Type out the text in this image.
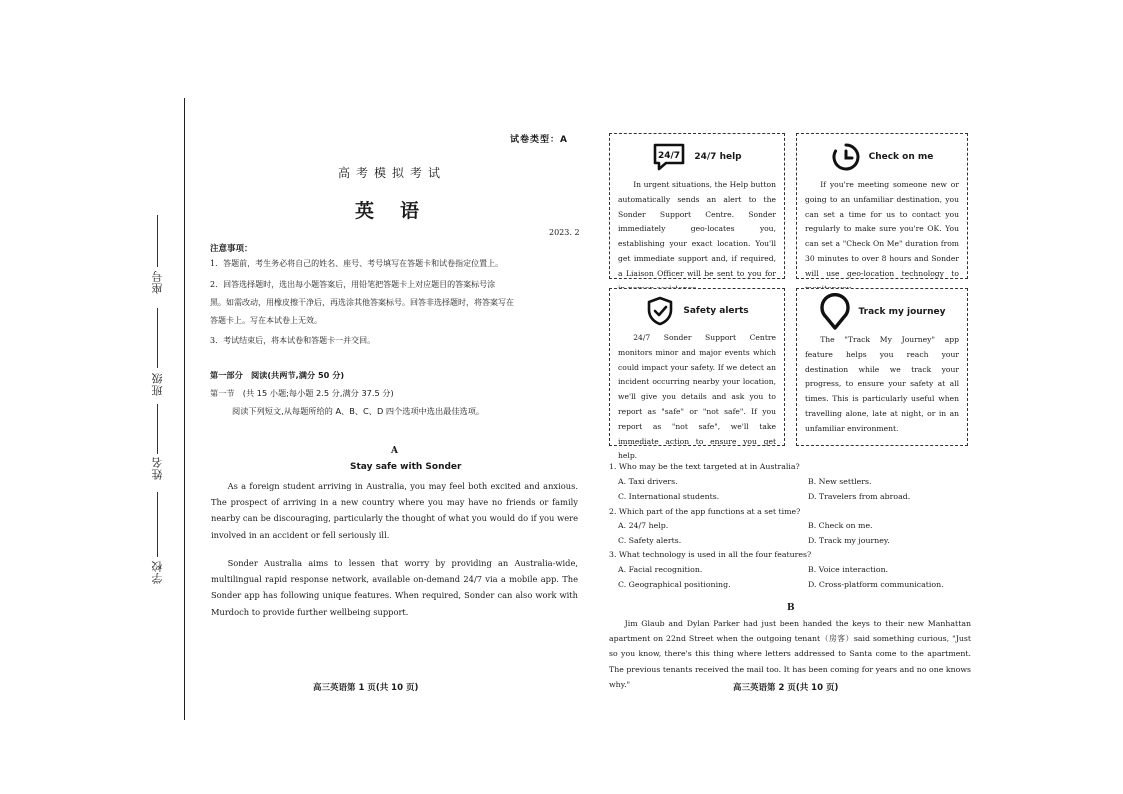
座号
班级
姓名
学校
试卷类型：A
高考模拟考试
英语
2023. 2
注意事项：
1．答题前，考生务必将自己的姓名、座号、考号填写在答题卡和试卷指定位置上。
2．回答选择题时，选出每小题答案后，用铅笔把答题卡上对应题目的答案标号涂
黑。如需改动，用橡皮擦干净后，再选涂其他答案标号。回答非选择题时，将答案写在
答题卡上。写在本试卷上无效。
3．考试结束后，将本试卷和答题卡一并交回。
第一部分　阅读(共两节,满分 50 分)
第一节　(共 15 小题;每小题 2.5 分,满分 37.5 分)
阅读下列短文,从每题所给的 A、B、C、D 四个选项中选出最佳选项。
A
Stay safe with Sonder
As a foreign student arriving in Australia, you may feel both excited and anxious. The prospect of arriving in a new country where you may have no friends or family nearby can be discouraging, particularly the thought of what you would do if you were involved in an accident or fell seriously ill.
Sonder Australia aims to lessen that worry by providing an Australia-wide, multilingual rapid response network, available on-demand 24/7 via a mobile app. The Sonder app has following unique features. When required, Sonder can also work with Murdoch to provide further wellbeing support.
高三英语第 1 页(共 10 页)
24/7 24/7 help
In urgent situations, the Help button automatically sends an alert to the Sonder Support Centre. Sonder immediately geo-locates you, establishing your exact location. You'll get immediate support and, if required, a Liaison Officer will be sent to you for
Check on me
If you're meeting someone new or going to an unfamiliar destination, you can set a time for us to contact you regularly to make sure you're OK. You can set a "Check On Me" duration from 30 minutes to over 8 hours and Sonder will use geo-location technology to
Safety alerts
24/7 Sonder Support Centre monitors minor and major events which could impact your safety. If we detect an incident occurring nearby your location, we'll give you details and ask you to report as "safe" or "not safe". If you report as "not safe", we'll take immediate action to ensure you get help.
Track my journey
The "Track My Journey" app feature helps you reach your destination while we track your progress, to ensure your safety at all times. This is particularly useful when travelling alone, late at night, or in an unfamiliar environment.
1. Who may be the text targeted at in Australia?
A. Taxi drivers.	B. New settlers.
C. International students.	D. Travelers from abroad.
2. Which part of the app functions at a set time?
A. 24/7 help.	B. Check on me.
C. Safety alerts.	D. Track my journey.
3. What technology is used in all the four features?
A. Facial recognition.	B. Voice interaction.
C. Geographical positioning.	D. Cross-platform communication.
B
Jim Glaub and Dylan Parker had just been handed the keys to their new Manhattan apartment on 22nd Street when the outgoing tenant（房客）said something curious, "Just so you know, there's this thing where letters addressed to Santa come to the apartment. The previous tenants received the mail too. It has been coming for years and no one knows why."	高三英语第 2 页(共 10 页)
